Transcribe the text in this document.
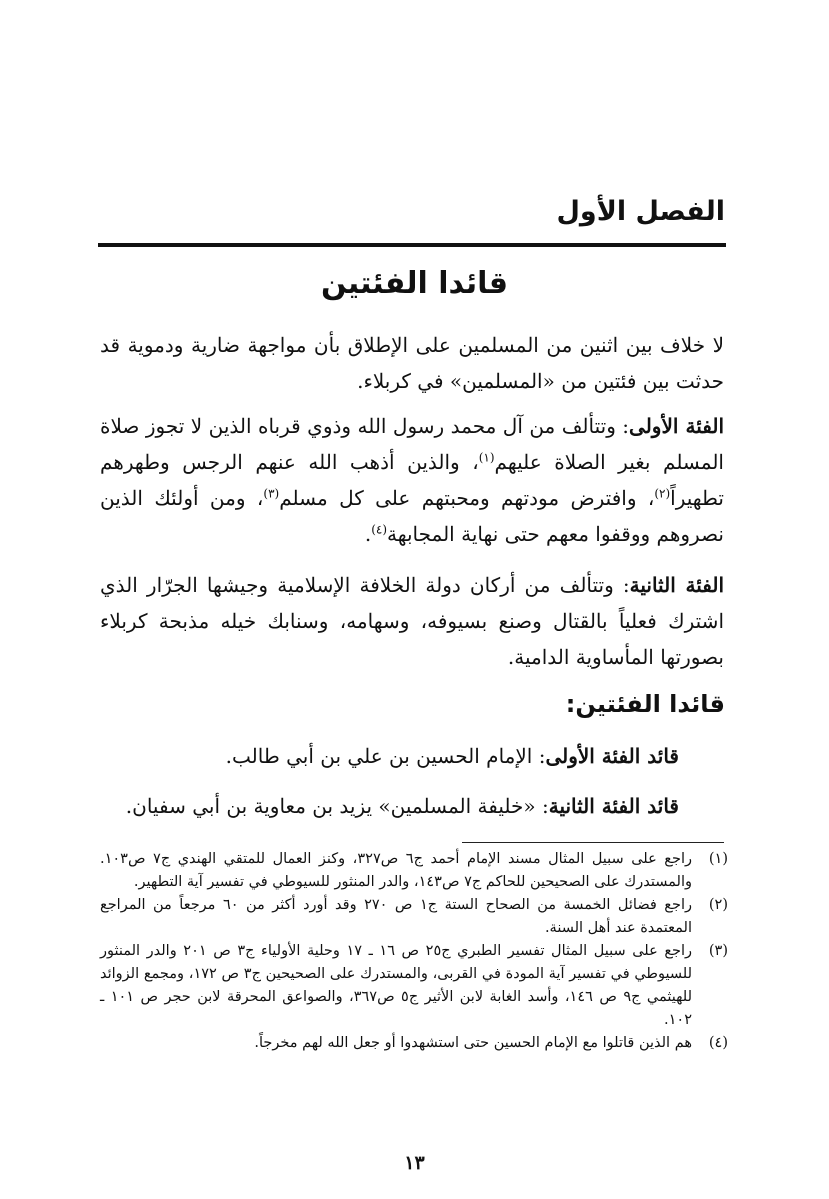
الفصل الأول
قائدا الفئتين
لا خلاف بين اثنين من المسلمين على الإطلاق بأن مواجهة ضارية ودموية قد حدثت بين فئتين من «المسلمين» في كربلاء.
الفئة الأولى: وتتألف من آل محمد رسول الله وذوي قرباه الذين لا تجوز صلاة المسلم بغير الصلاة عليهم$^{(١)}$، والذين أذهب الله عنهم الرجس وطهرهم تطهيراً$^{(٢)}$، وافترض مودتهم ومحبتهم على كل مسلم$^{(٣)}$، ومن أولئك الذين نصروهم ووقفوا معهم حتى نهاية المجابهة$^{(٤)}$.
الفئة الثانية: وتتألف من أركان دولة الخلافة الإسلامية وجيشها الجرّار الذي اشترك فعلياً بالقتال وصنع بسيوفه، وسهامه، وسنابك خيله مذبحة كربلاء بصورتها المأساوية الدامية.
قائدا الفئتين:
قائد الفئة الأولى: الإمام الحسين بن علي بن أبي طالب.
قائد الفئة الثانية: «خليفة المسلمين» يزيد بن معاوية بن أبي سفيان.
(١)
راجع على سبيل المثال مسند الإمام أحمد ج٦ ص٣٢٧، وكنز العمال للمتقي الهندي ج٧ ص١٠٣. والمستدرك على الصحيحين للحاكم ج٧ ص١٤٣، والدر المنثور للسيوطي في تفسير آية التطهير.
(٢)
راجع فضائل الخمسة من الصحاح الستة ج١ ص ٢٧٠ وقد أورد أكثر من ٦٠ مرجعاً من المراجع المعتمدة عند أهل السنة.
(٣)
راجع على سبيل المثال تفسير الطبري ج٢٥ ص ١٦ ـ ١٧ وحلية الأولياء ج٣ ص ٢٠١ والدر المنثور للسيوطي في تفسير آية المودة في القربى، والمستدرك على الصحيحين ج٣ ص ١٧٢، ومجمع الزوائد للهيثمي ج٩ ص ١٤٦، وأسد الغابة لابن الأثير ج٥ ص٣٦٧، والصواعق المحرقة لابن حجر ص ١٠١ ـ ١٠٢.
(٤)
هم الذين قاتلوا مع الإمام الحسين حتى استشهدوا أو جعل الله لهم مخرجاً.
١٣
